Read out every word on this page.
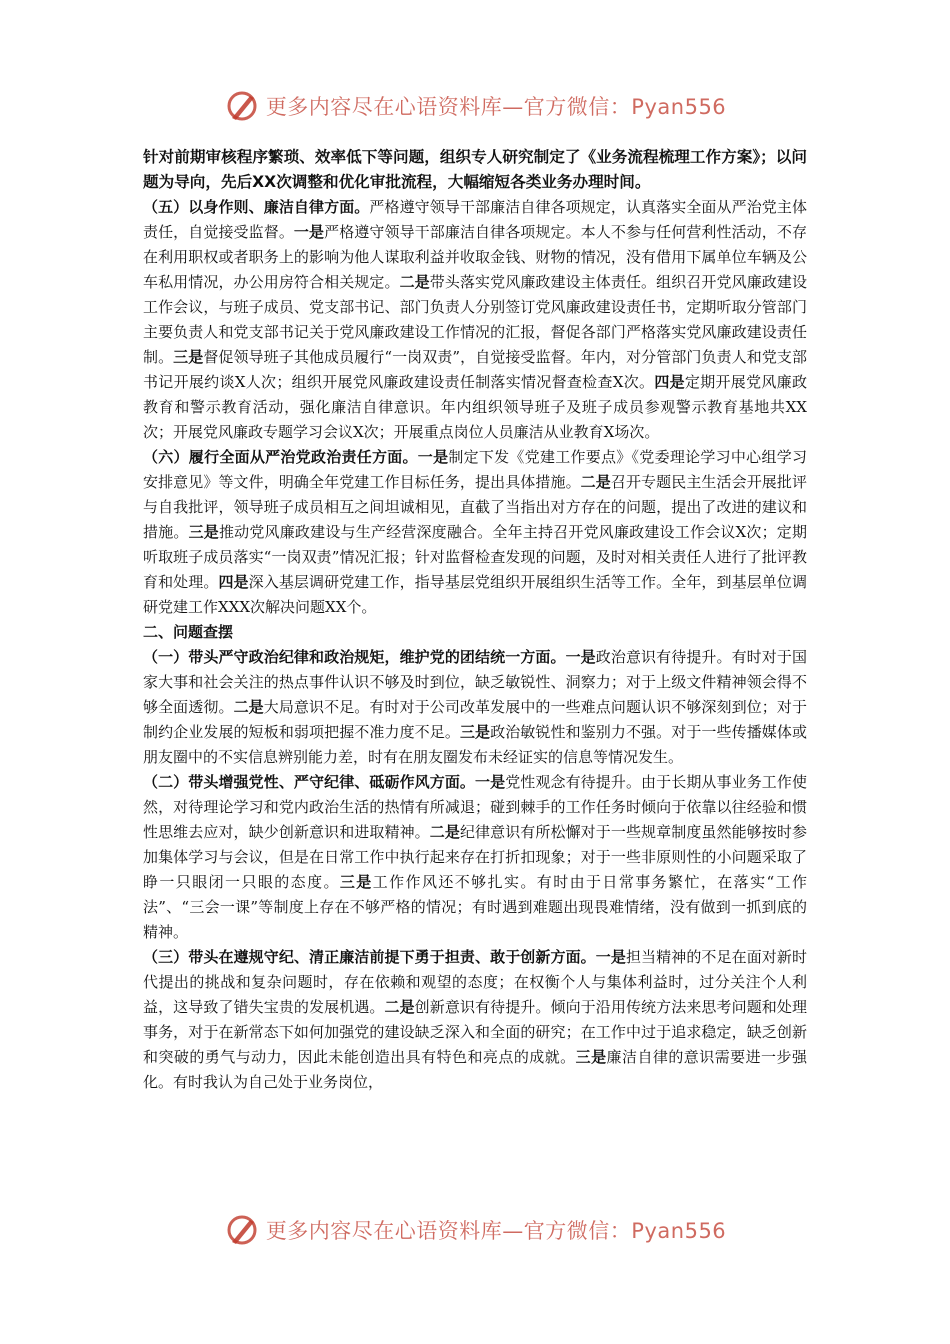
更多内容尽在心语资料库—官方微信：Pyan556

针对前期审核程序繁琐、效率低下等问题，组织专人研究制定了《业务流程梳理工作方案》；以问题为导向，先后XX次调整和优化审批流程，大幅缩短各类业务办理时间。

（五）以身作则、廉洁自律方面。严格遵守领导干部廉洁自律各项规定，认真落实全面从严治党主体责任，自觉接受监督。一是严格遵守领导干部廉洁自律各项规定。本人不参与任何营利性活动，不存在利用职权或者职务上的影响为他人谋取利益并收取金钱、财物的情况，没有借用下属单位车辆及公车私用情况，办公用房符合相关规定。二是带头落实党风廉政建设主体责任。组织召开党风廉政建设工作会议，与班子成员、党支部书记、部门负责人分别签订党风廉政建设责任书，定期听取分管部门主要负责人和党支部书记关于党风廉政建设工作情况的汇报，督促各部门严格落实党风廉政建设责任制。三是督促领导班子其他成员履行“一岗双责”，自觉接受监督。年内，对分管部门负责人和党支部书记开展约谈X人次；组织开展党风廉政建设责任制落实情况督查检查X次。四是定期开展党风廉政教育和警示教育活动，强化廉洁自律意识。年内组织领导班子及班子成员参观警示教育基地共XX次；开展党风廉政专题学习会议X次；开展重点岗位人员廉洁从业教育X场次。

（六）履行全面从严治党政治责任方面。一是制定下发《党建工作要点》《党委理论学习中心组学习安排意见》等文件，明确全年党建工作目标任务，提出具体措施。二是召开专题民主生活会开展批评与自我批评，领导班子成员相互之间坦诚相见，直截了当指出对方存在的问题，提出了改进的建议和措施。三是推动党风廉政建设与生产经营深度融合。全年主持召开党风廉政建设工作会议X次；定期听取班子成员落实“一岗双责”情况汇报；针对监督检查发现的问题，及时对相关责任人进行了批评教育和处理。四是深入基层调研党建工作，指导基层党组织开展组织生活等工作。全年，到基层单位调研党建工作XXX次解决问题XX个。

二、问题查摆

（一）带头严守政治纪律和政治规矩，维护党的团结统一方面。一是政治意识有待提升。有时对于国家大事和社会关注的热点事件认识不够及时到位，缺乏敏锐性、洞察力；对于上级文件精神领会得不够全面透彻。二是大局意识不足。有时对于公司改革发展中的一些难点问题认识不够深刻到位；对于制约企业发展的短板和弱项把握不准力度不足。三是政治敏锐性和鉴别力不强。对于一些传播媒体或朋友圈中的不实信息辨别能力差，时有在朋友圈发布未经证实的信息等情况发生。

（二）带头增强党性、严守纪律、砥砺作风方面。一是党性观念有待提升。由于长期从事业务工作使然，对待理论学习和党内政治生活的热情有所减退；碰到棘手的工作任务时倾向于依靠以往经验和惯性思维去应对，缺少创新意识和进取精神。二是纪律意识有所松懈对于一些规章制度虽然能够按时参加集体学习与会议，但是在日常工作中执行起来存在打折扣现象；对于一些非原则性的小问题采取了睁一只眼闭一只眼的态度。三是工作作风还不够扎实。有时由于日常事务繁忙，在落实“工作法”、“三会一课”等制度上存在不够严格的情况；有时遇到难题出现畏难情绪，没有做到一抓到底的精神。

（三）带头在遵规守纪、清正廉洁前提下勇于担责、敢于创新方面。一是担当精神的不足在面对新时代提出的挑战和复杂问题时，存在依赖和观望的态度；在权衡个人与集体利益时，过分关注个人利益，这导致了错失宝贵的发展机遇。二是创新意识有待提升。倾向于沿用传统方法来思考问题和处理事务，对于在新常态下如何加强党的建设缺乏深入和全面的研究；在工作中过于追求稳定，缺乏创新和突破的勇气与动力，因此未能创造出具有特色和亮点的成就。三是廉洁自律的意识需要进一步强化。有时我认为自己处于业务岗位，

更多内容尽在心语资料库—官方微信：Pyan556
